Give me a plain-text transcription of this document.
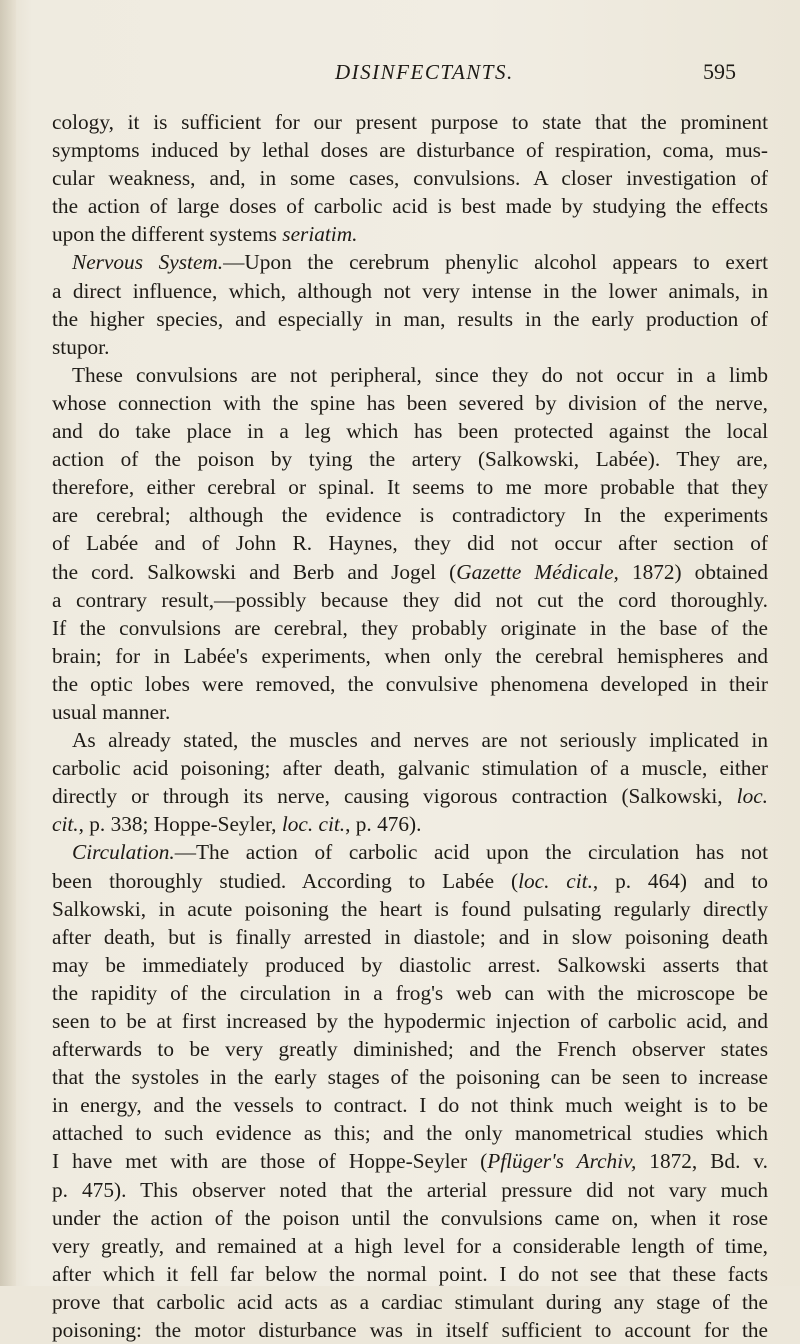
DISINFECTANTS.	595
cology, it is sufficient for our present purpose to state that the prominent
symptoms induced by lethal doses are disturbance of respiration, coma, mus-
cular weakness, and, in some cases, convulsions. A closer investigation of
the action of large doses of carbolic acid is best made by studying the effects
upon the different systems seriatim.
Nervous System.—Upon the cerebrum phenylic alcohol appears to exert
a direct influence, which, although not very intense in the lower animals, in
the higher species, and especially in man, results in the early production of
stupor.
These convulsions are not peripheral, since they do not occur in a limb
whose connection with the spine has been severed by division of the nerve,
and do take place in a leg which has been protected against the local
action of the poison by tying the artery (Salkowski, Labée). They are,
therefore, either cerebral or spinal. It seems to me more probable that they
are cerebral; although the evidence is contradictory In the experiments
of Labée and of John R. Haynes, they did not occur after section of
the cord. Salkowski and Berb and Jogel (Gazette Médicale, 1872) obtained
a contrary result,—possibly because they did not cut the cord thoroughly.
If the convulsions are cerebral, they probably originate in the base of the
brain; for in Labée's experiments, when only the cerebral hemispheres and
the optic lobes were removed, the convulsive phenomena developed in their
usual manner.
As already stated, the muscles and nerves are not seriously implicated in
carbolic acid poisoning; after death, galvanic stimulation of a muscle, either
directly or through its nerve, causing vigorous contraction (Salkowski, loc.
cit., p. 338; Hoppe-Seyler, loc. cit., p. 476).
Circulation.—The action of carbolic acid upon the circulation has not
been thoroughly studied. According to Labée (loc. cit., p. 464) and to
Salkowski, in acute poisoning the heart is found pulsating regularly directly
after death, but is finally arrested in diastole; and in slow poisoning death
may be immediately produced by diastolic arrest. Salkowski asserts that
the rapidity of the circulation in a frog's web can with the microscope be
seen to be at first increased by the hypodermic injection of carbolic acid, and
afterwards to be very greatly diminished; and the French observer states
that the systoles in the early stages of the poisoning can be seen to increase
in energy, and the vessels to contract. I do not think much weight is to be
attached to such evidence as this; and the only manometrical studies which
I have met with are those of Hoppe-Seyler (Pflüger's Archiv, 1872, Bd. v.
p. 475). This observer noted that the arterial pressure did not vary much
under the action of the poison until the convulsions came on, when it rose
very greatly, and remained at a high level for a considerable length of time,
after which it fell far below the normal point. I do not see that these facts
prove that carbolic acid acts as a cardiac stimulant during any stage of the
poisoning: the motor disturbance was in itself sufficient to account for the
